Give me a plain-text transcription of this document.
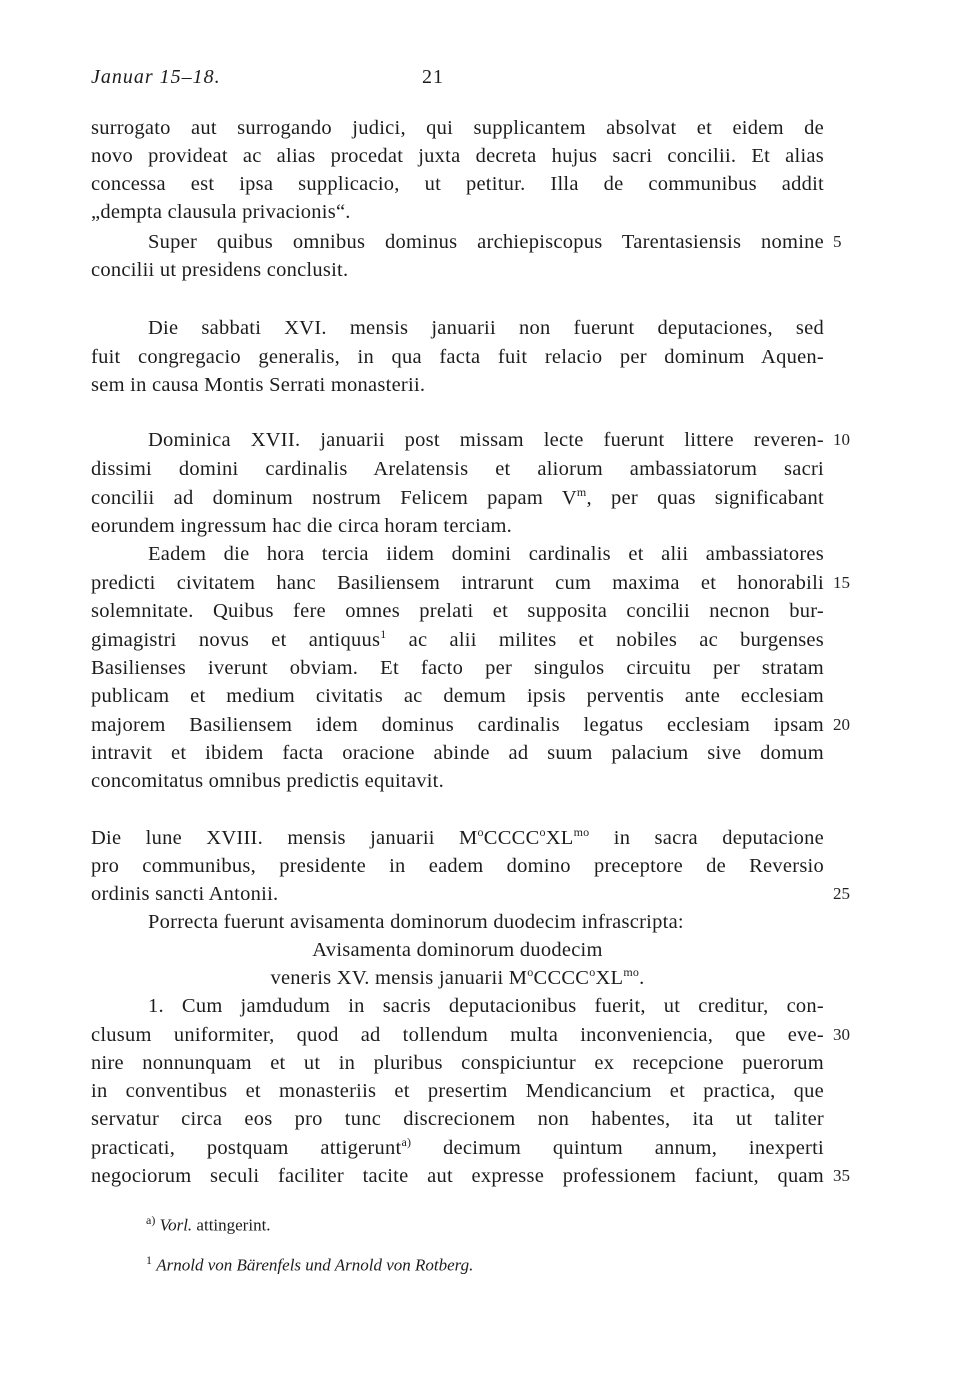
Januar 15–18.	21
surrogato aut surrogando judici, qui supplicantem absolvat et eidem de
novo provideat ac alias procedat juxta decreta hujus sacri concilii. Et alias
concessa est ipsa supplicacio, ut petitur. Illa de communibus addit
„dempta clausula privacionis“.
Super quibus omnibus dominus archiepiscopus Tarentasiensis nomine
concilii ut presidens conclusit.
Die sabbati XVI. mensis januarii non fuerunt deputaciones, sed
fuit congregacio generalis, in qua facta fuit relacio per dominum Aquen-
sem in causa Montis Serrati monasterii.
Dominica XVII. januarii post missam lecte fuerunt littere reveren-
dissimi domini cardinalis Arelatensis et aliorum ambassiatorum sacri
concilii ad dominum nostrum Felicem papam $V^m$, per quas significabant
eorundem ingressum hac die circa horam terciam.
Eadem die hora tercia iidem domini cardinalis et alii ambassiatores
predicti civitatem hanc Basiliensem intrarunt cum maxima et honorabili
solemnitate. Quibus fere omnes prelati et supposita concilii necnon bur-
gimagistri novus et antiquus$^1$ ac alii milites et nobiles ac burgenses
Basilienses iverunt obviam. Et facto per singulos circuitu per stratam
publicam et medium civitatis ac demum ipsis perventis ante ecclesiam
majorem Basiliensem idem dominus cardinalis legatus ecclesiam ipsam
intravit et ibidem facta oracione abinde ad suum palacium sive domum
concomitatus omnibus predictis equitavit.
Die lune XVIII. mensis januarii $M^oCCCC^oXL^{mo}$ in sacra deputacione
pro communibus, presidente in eadem domino preceptore de Reversio
ordinis sancti Antonii.
Porrecta fuerunt avisamenta dominorum duodecim infrascripta:
Avisamenta dominorum duodecim
veneris XV. mensis januarii $M^oCCCC^oXL^{mo}$.
1. Cum jamdudum in sacris deputacionibus fuerit, ut creditur, con-
clusum uniformiter, quod ad tollendum multa inconveniencia, que eve-
nire nonnunquam et ut in pluribus conspiciuntur ex recepcione puerorum
in conventibus et monasteriis et presertim Mendicancium et practica, que
servatur circa eos pro tunc discrecionem non habentes, ita ut taliter
practicati, postquam attigerunt$^{a)}$ decimum quintum annum, inexperti
negociorum seculi faciliter tacite aut expresse professionem faciunt, quam
5
10
15
20
25
30
35
$^{a)}$ Vorl. attingerint.
$^1$ Arnold von Bärenfels und Arnold von Rotberg.
